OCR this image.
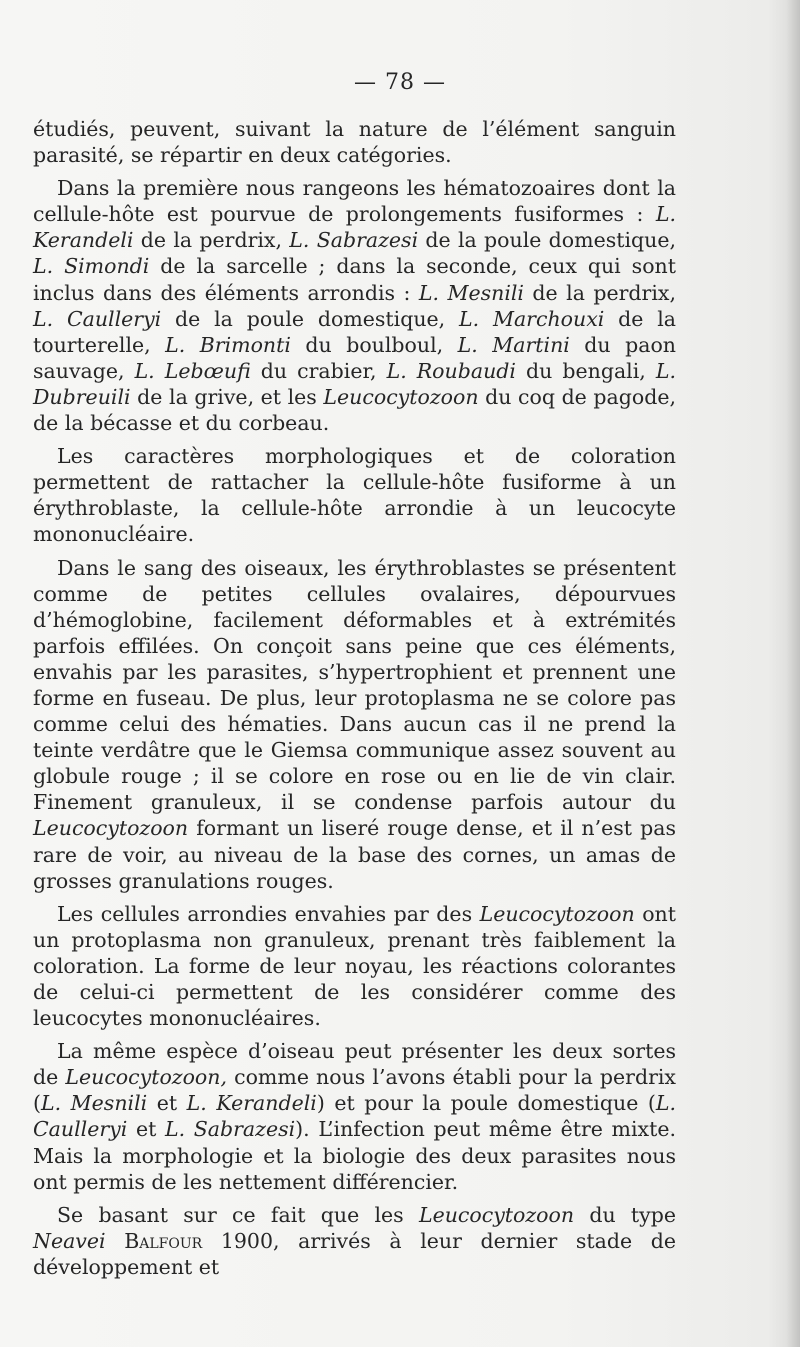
— 78 —

étudiés, peuvent, suivant la nature de l’élément sanguin parasité, se répartir en deux catégories.

Dans la première nous rangeons les hématozoaires dont la cellule-hôte est pourvue de prolongements fusiformes : L. Kerandeli de la perdrix, L. Sabrazesi de la poule domestique, L. Simondi de la sarcelle ; dans la seconde, ceux qui sont inclus dans des éléments arrondis : L. Mesnili de la perdrix, L. Caulleryi de la poule domestique, L. Marchouxi de la tourterelle, L. Brimonti du boulboul, L. Martini du paon sauvage, L. Lebœufi du crabier, L. Roubaudi du bengali, L. Dubreuili de la grive, et les Leucocytozoon du coq de pagode, de la bécasse et du corbeau.

Les caractères morphologiques et de coloration permettent de rattacher la cellule-hôte fusiforme à un érythroblaste, la cellule-hôte arrondie à un leucocyte mononucléaire.

Dans le sang des oiseaux, les érythroblastes se présentent comme de petites cellules ovalaires, dépourvues d’hémoglobine, facilement déformables et à extrémités parfois effilées. On conçoit sans peine que ces éléments, envahis par les parasites, s’hypertrophient et prennent une forme en fuseau. De plus, leur protoplasma ne se colore pas comme celui des hématies. Dans aucun cas il ne prend la teinte verdâtre que le Giemsa communique assez souvent au globule rouge ; il se colore en rose ou en lie de vin clair. Finement granuleux, il se condense parfois autour du Leucocytozoon formant un liseré rouge dense, et il n’est pas rare de voir, au niveau de la base des cornes, un amas de grosses granulations rouges.

Les cellules arrondies envahies par des Leucocytozoon ont un protoplasma non granuleux, prenant très faiblement la coloration. La forme de leur noyau, les réactions colorantes de celui-ci permettent de les considérer comme des leucocytes mononucléaires.

La même espèce d’oiseau peut présenter les deux sortes de Leucocytozoon, comme nous l’avons établi pour la perdrix (L. Mesnili et L. Kerandeli) et pour la poule domestique (L. Caulleryi et L. Sabrazesi). L’infection peut même être mixte. Mais la morphologie et la biologie des deux parasites nous ont permis de les nettement différencier.

Se basant sur ce fait que les Leucocytozoon du type Neavei Balfour 1900, arrivés à leur dernier stade de développement et
